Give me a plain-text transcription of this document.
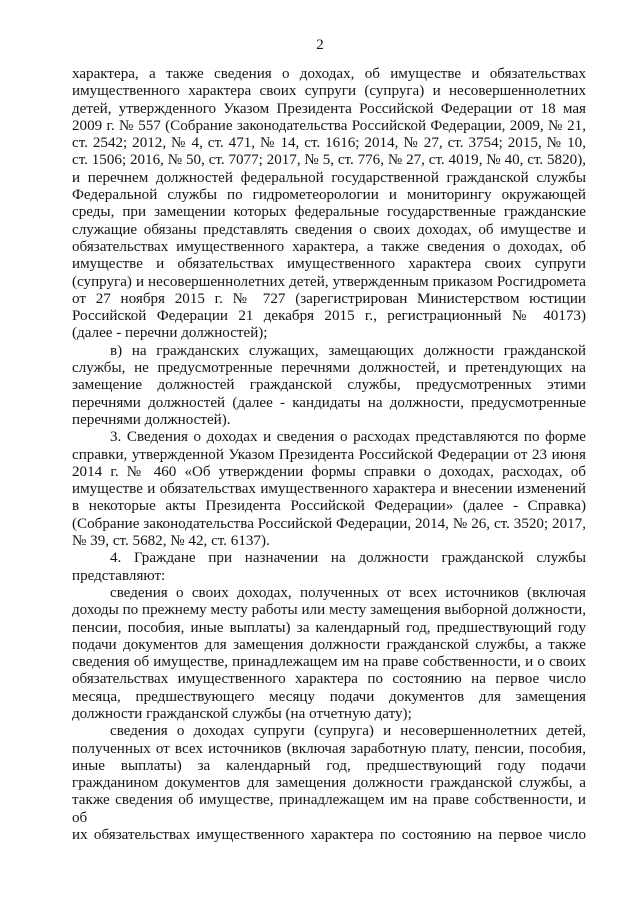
2
характера, а также сведения о доходах, об имуществе и обязательствах
имущественного характера своих супруги (супруга) и несовершеннолетних
детей, утвержденного Указом Президента Российской Федерации от 18 мая
2009 г. № 557 (Собрание законодательства Российской Федерации, 2009, № 21,
ст. 2542; 2012, № 4, ст. 471, № 14, ст. 1616; 2014, № 27, ст. 3754; 2015, № 10,
ст. 1506; 2016, № 50, ст. 7077; 2017, № 5, ст. 776, № 27, ст. 4019, № 40, ст. 5820),
и перечнем должностей федеральной государственной гражданской службы
Федеральной службы по гидрометеорологии и мониторингу окружающей
среды, при замещении которых федеральные государственные гражданские
служащие обязаны представлять сведения о своих доходах, об имуществе и
обязательствах имущественного характера, а также сведения о доходах, об
имуществе и обязательствах имущественного характера своих супруги
(супруга) и несовершеннолетних детей, утвержденным приказом Росгидромета
от 27 ноября 2015 г. № 727 (зарегистрирован Министерством юстиции
Российской Федерации 21 декабря 2015 г., регистрационный № 40173)
(далее - перечни должностей);
в) на гражданских служащих, замещающих должности гражданской
службы, не предусмотренные перечнями должностей, и претендующих на
замещение должностей гражданской службы, предусмотренных этими
перечнями должностей (далее - кандидаты на должности, предусмотренные
перечнями должностей).
3. Сведения о доходах и сведения о расходах представляются по форме
справки, утвержденной Указом Президента Российской Федерации от 23 июня
2014 г. № 460 «Об утверждении формы справки о доходах, расходах, об
имуществе и обязательствах имущественного характера и внесении изменений
в некоторые акты Президента Российской Федерации» (далее - Справка)
(Собрание законодательства Российской Федерации, 2014, № 26, ст. 3520; 2017,
№ 39, ст. 5682, № 42, ст. 6137).
4. Граждане при назначении на должности гражданской службы
представляют:
сведения о своих доходах, полученных от всех источников (включая
доходы по прежнему месту работы или месту замещения выборной должности,
пенсии, пособия, иные выплаты) за календарный год, предшествующий году
подачи документов для замещения должности гражданской службы, а также
сведения об имуществе, принадлежащем им на праве собственности, и о своих
обязательствах имущественного характера по состоянию на первое число
месяца, предшествующего месяцу подачи документов для замещения
должности гражданской службы (на отчетную дату);
сведения о доходах супруги (супруга) и несовершеннолетних детей,
полученных от всех источников (включая заработную плату, пенсии, пособия,
иные выплаты) за календарный год, предшествующий году подачи
гражданином документов для замещения должности гражданской службы, а
также сведения об имуществе, принадлежащем им на праве собственности, и об
их обязательствах имущественного характера по состоянию на первое число
